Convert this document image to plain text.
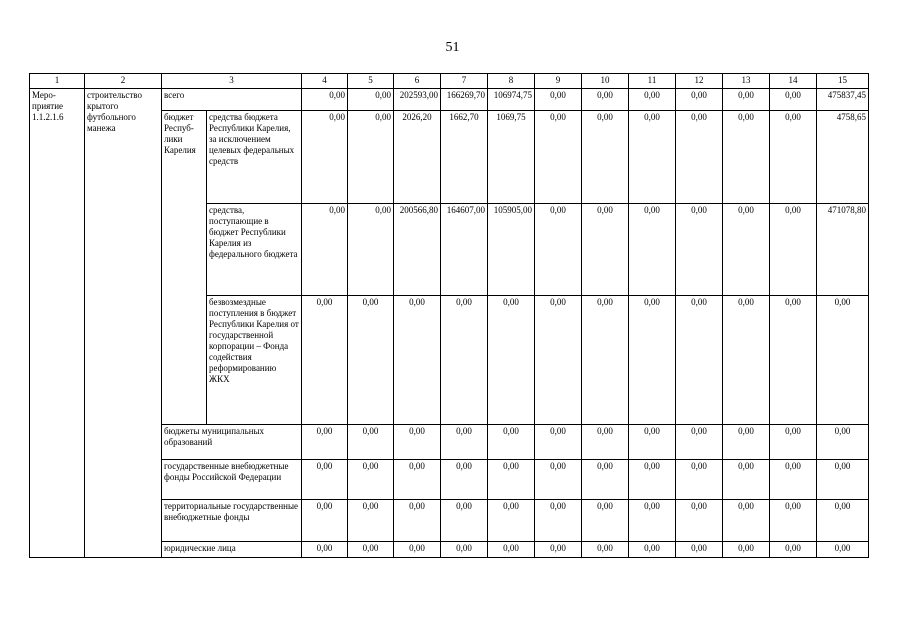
51
1	2	3		4	5	6	7	8	9	10	11	12	13	14	15
Меро-приятие 1.1.2.1.6	строительство крытого футбольного манежа	всего		0,00	0,00	202593,00	166269,70	106974,75	0,00	0,00	0,00	0,00	0,00	0,00	475837,45
		бюджет Респуб-лики Карелия	средства бюджета Республики Карелия, за исключением целевых федеральных средств	0,00	0,00	2026,20	1662,70	1069,75	0,00	0,00	0,00	0,00	0,00	0,00	4758,65
			средства, поступающие в бюджет Республики Карелия из федерального бюджета	0,00	0,00	200566,80	164607,00	105905,00	0,00	0,00	0,00	0,00	0,00	0,00	471078,80
			безвозмездные поступления в бюджет Республики Карелия от государственной корпорации – Фонда содействия реформированию ЖКХ	0,00	0,00	0,00	0,00	0,00	0,00	0,00	0,00	0,00	0,00	0,00	0,00
		бюджеты муниципальных образований		0,00	0,00	0,00	0,00	0,00	0,00	0,00	0,00	0,00	0,00	0,00	0,00
		государственные внебюджетные фонды Российской Федерации		0,00	0,00	0,00	0,00	0,00	0,00	0,00	0,00	0,00	0,00	0,00	0,00
		территориальные государственные внебюджетные фонды		0,00	0,00	0,00	0,00	0,00	0,00	0,00	0,00	0,00	0,00	0,00	0,00
		юридические лица		0,00	0,00	0,00	0,00	0,00	0,00	0,00	0,00	0,00	0,00	0,00	0,00
